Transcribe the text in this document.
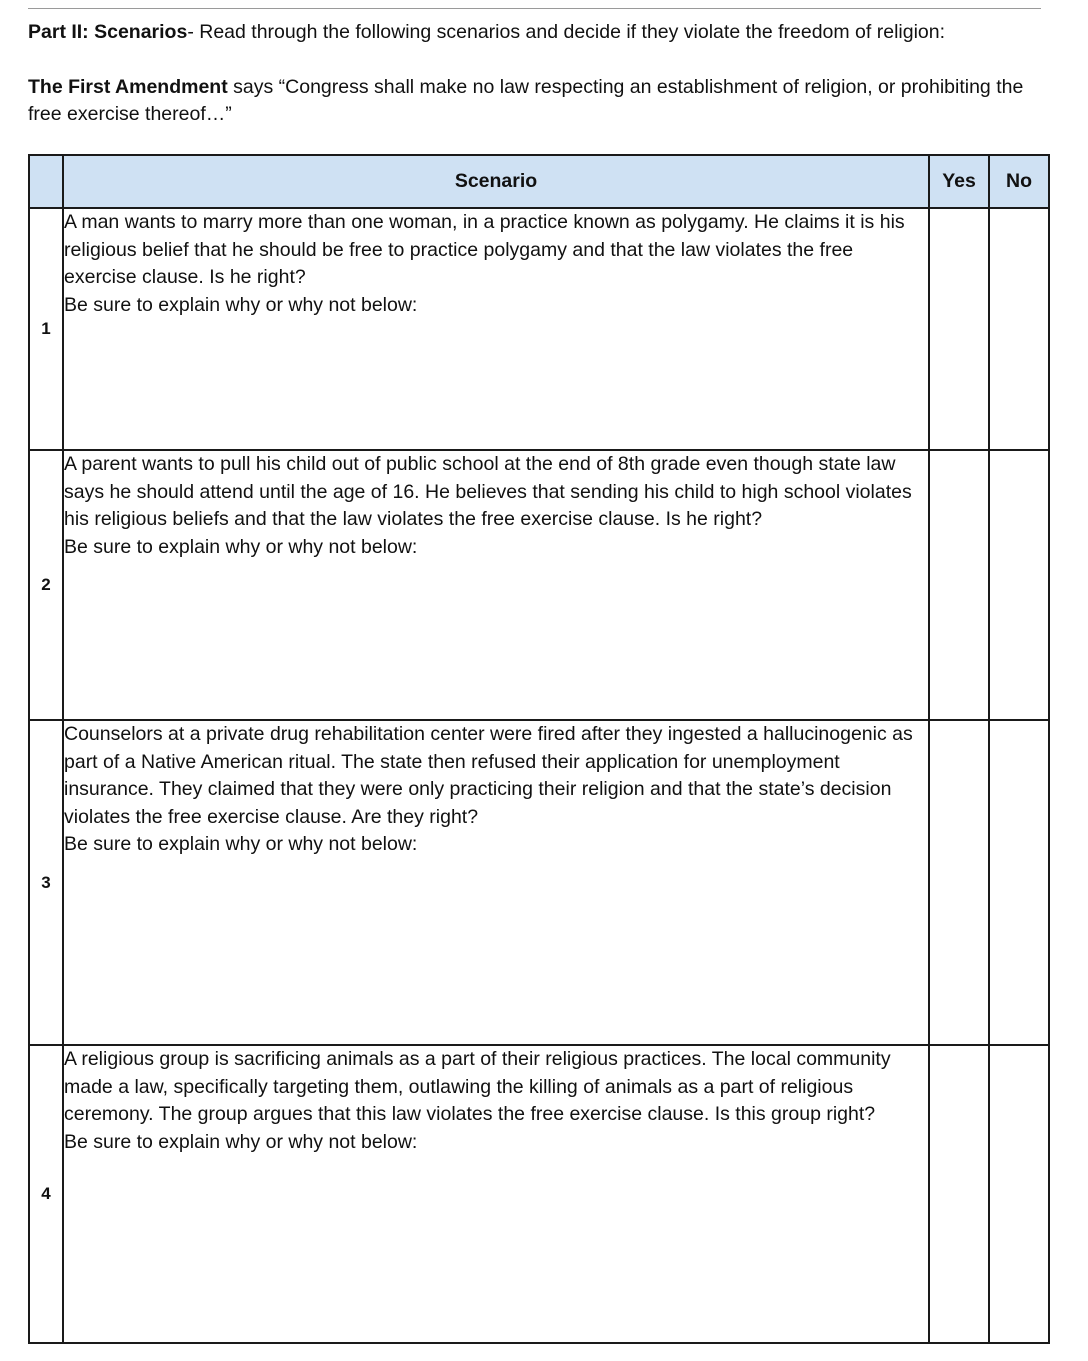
Part II: Scenarios- Read through the following scenarios and decide if they violate the freedom of religion:
The First Amendment says “Congress shall make no law respecting an establishment of religion, or prohibiting the free exercise thereof…”
	Scenario	Yes	No
1	A man wants to marry more than one woman, in a practice known as polygamy. He claims it is his religious belief that he should be free to practice polygamy and that the law violates the free exercise clause. Is he right?
Be sure to explain why or why not below:		

2	A parent wants to pull his child out of public school at the end of 8th grade even though state law says he should attend until the age of 16. He believes that sending his child to high school violates his religious beliefs and that the law violates the free exercise clause. Is he right?
Be sure to explain why or why not below:		

3	Counselors at a private drug rehabilitation center were fired after they ingested a hallucinogenic as part of a Native American ritual. The state then refused their application for unemployment insurance. They claimed that they were only practicing their religion and that the state’s decision violates the free exercise clause. Are they right?
Be sure to explain why or why not below:		

4	A religious group is sacrificing animals as a part of their religious practices. The local community made a law, specifically targeting them, outlawing the killing of animals as a part of religious ceremony. The group argues that this law violates the free exercise clause. Is this group right?
Be sure to explain why or why not below:		
